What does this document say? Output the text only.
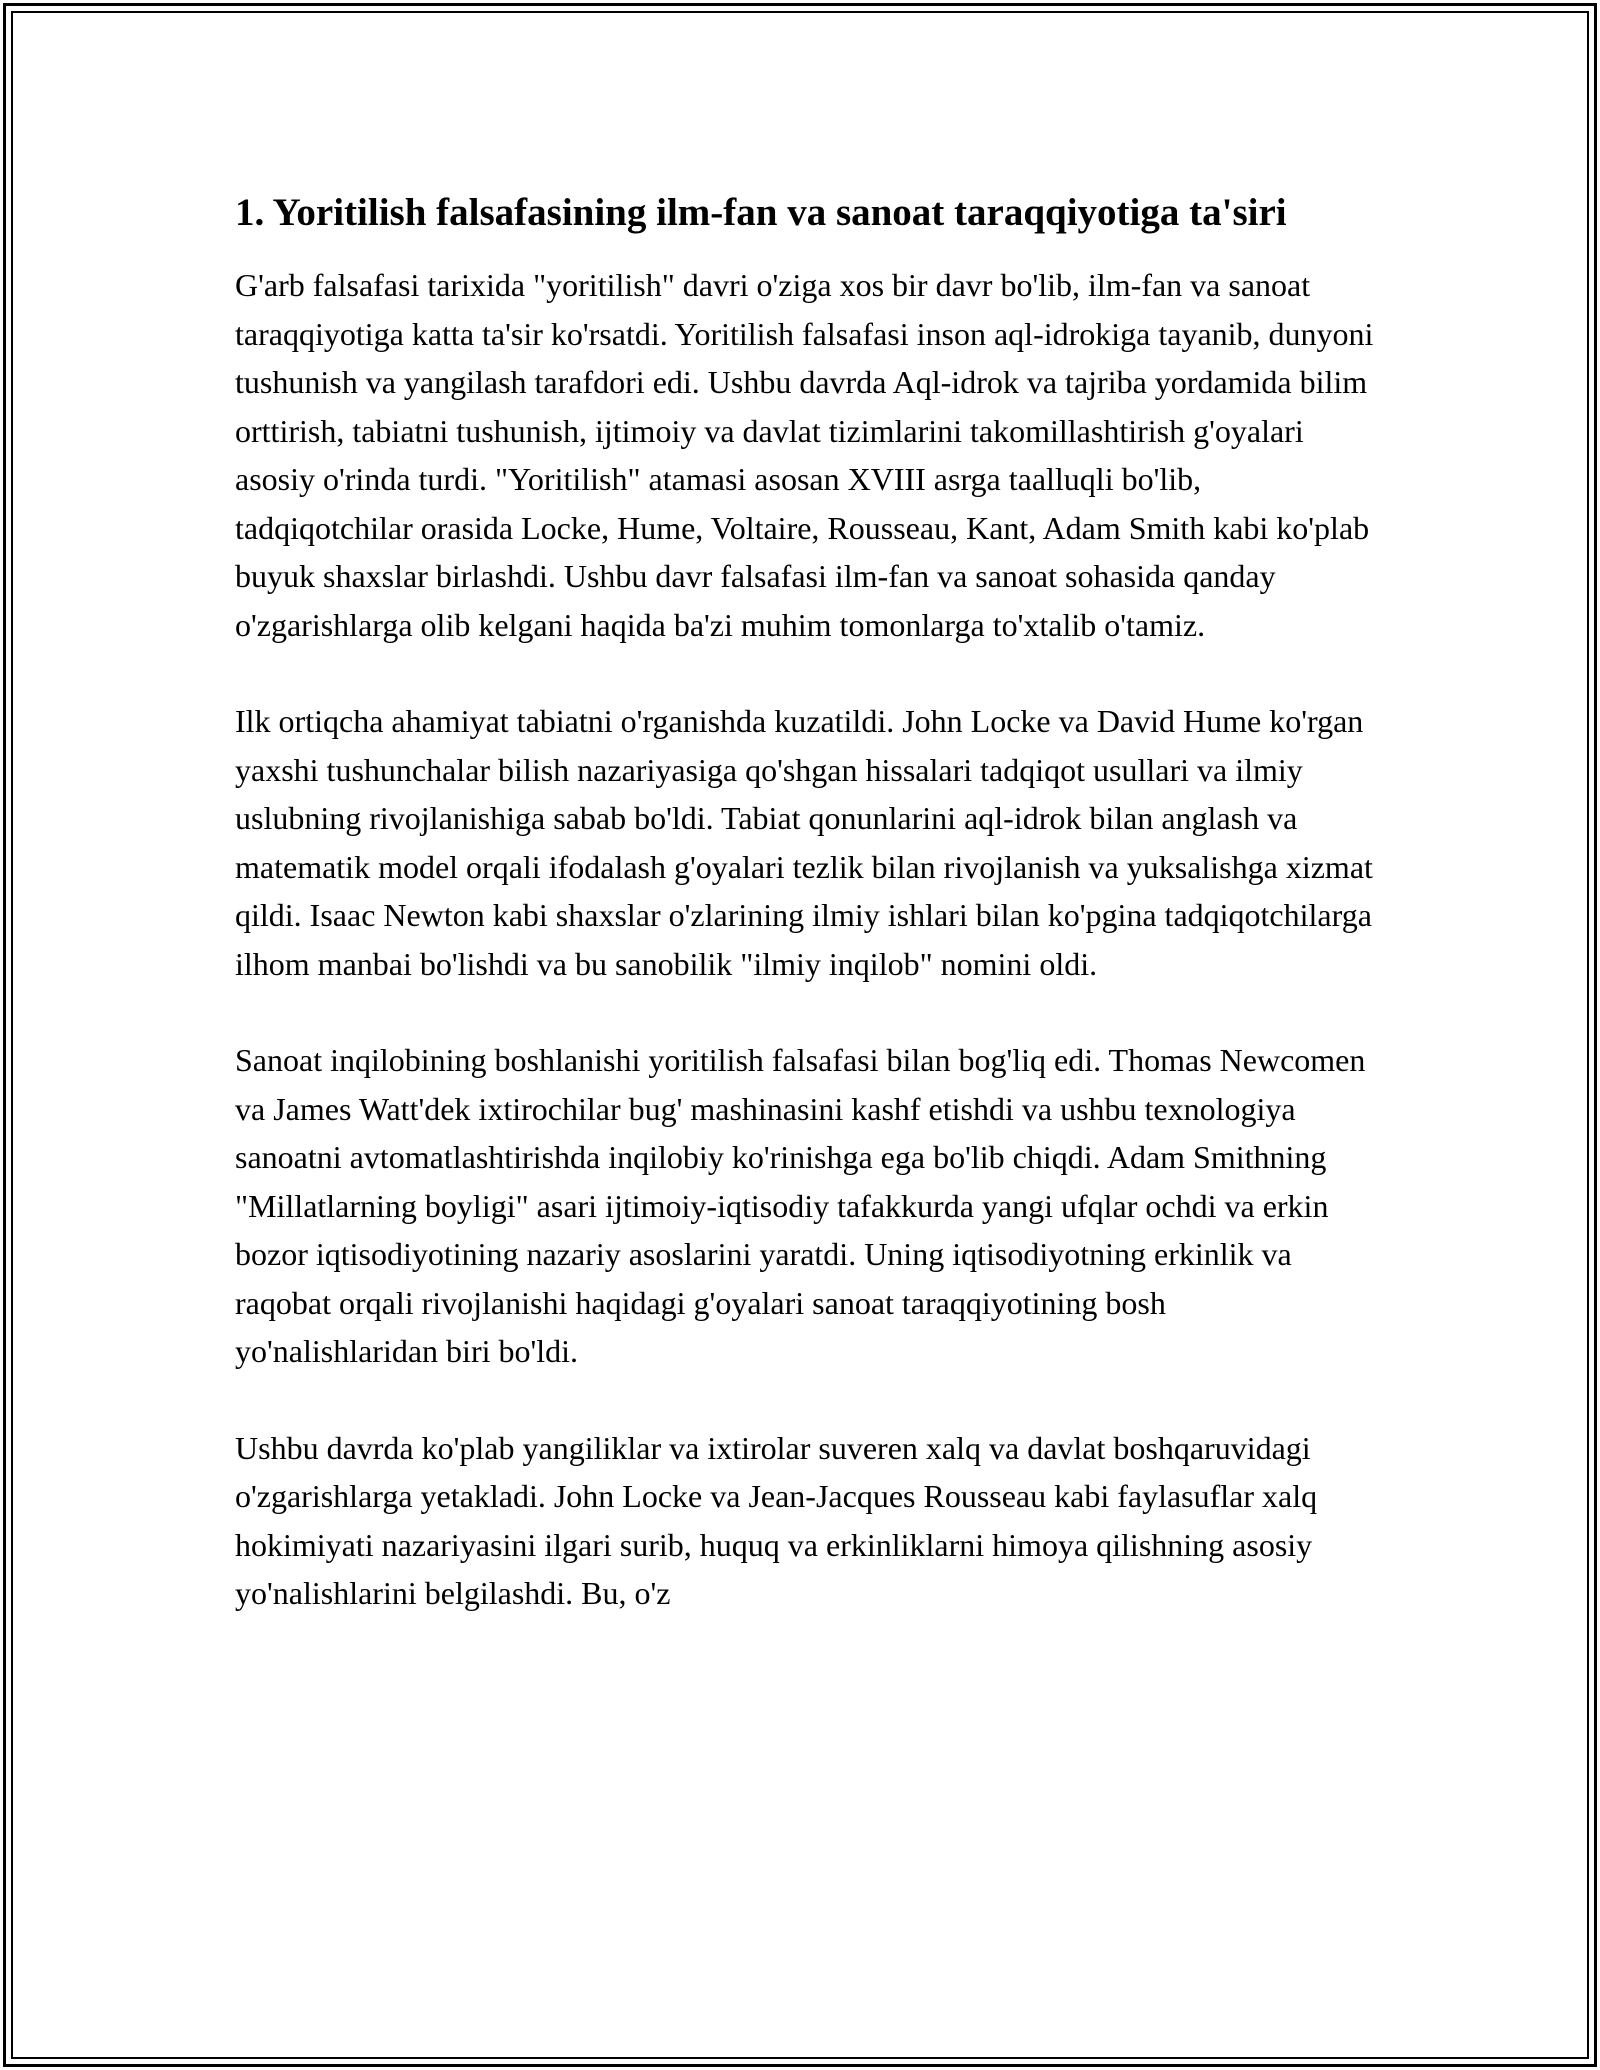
1. Yoritilish falsafasining ilm-fan va sanoat taraqqiyotiga ta'siri

G'arb falsafasi tarixida "yoritilish" davri o'ziga xos bir davr bo'lib, ilm-fan va sanoat taraqqiyotiga katta ta'sir ko'rsatdi. Yoritilish falsafasi inson aql-idrokiga tayanib, dunyoni tushunish va yangilash tarafdori edi. Ushbu davrda Aql-idrok va tajriba yordamida bilim orttirish, tabiatni tushunish, ijtimoiy va davlat tizimlarini takomillashtirish g'oyalari asosiy o'rinda turdi. "Yoritilish" atamasi asosan XVIII asrga taalluqli bo'lib, tadqiqotchilar orasida Locke, Hume, Voltaire, Rousseau, Kant, Adam Smith kabi ko'plab buyuk shaxslar birlashdi. Ushbu davr falsafasi ilm-fan va sanoat sohasida qanday o'zgarishlarga olib kelgani haqida ba'zi muhim tomonlarga to'xtalib o'tamiz.

Ilk ortiqcha ahamiyat tabiatni o'rganishda kuzatildi. John Locke va David Hume ko'rgan yaxshi tushunchalar bilish nazariyasiga qo'shgan hissalari tadqiqot usullari va ilmiy uslubning rivojlanishiga sabab bo'ldi. Tabiat qonunlarini aql-idrok bilan anglash va matematik model orqali ifodalash g'oyalari tezlik bilan rivojlanish va yuksalishga xizmat qildi. Isaac Newton kabi shaxslar o'zlarining ilmiy ishlari bilan ko'pgina tadqiqotchilarga ilhom manbai bo'lishdi va bu sanobilik "ilmiy inqilob" nomini oldi.

Sanoat inqilobining boshlanishi yoritilish falsafasi bilan bog'liq edi. Thomas Newcomen va James Watt'dek ixtirochilar bug' mashinasini kashf etishdi va ushbu texnologiya sanoatni avtomatlashtirishda inqilobiy ko'rinishga ega bo'lib chiqdi. Adam Smithning "Millatlarning boyligi" asari ijtimoiy-iqtisodiy tafakkurda yangi ufqlar ochdi va erkin bozor iqtisodiyotining nazariy asoslarini yaratdi. Uning iqtisodiyotning erkinlik va raqobat orqali rivojlanishi haqidagi g'oyalari sanoat taraqqiyotining bosh yo'nalishlaridan biri bo'ldi.

Ushbu davrda ko'plab yangiliklar va ixtirolar suveren xalq va davlat boshqaruvidagi o'zgarishlarga yetakladi. John Locke va Jean-Jacques Rousseau kabi faylasuflar xalq hokimiyati nazariyasini ilgari surib, huquq va erkinliklarni himoya qilishning asosiy yo'nalishlarini belgilashdi. Bu, o'z
